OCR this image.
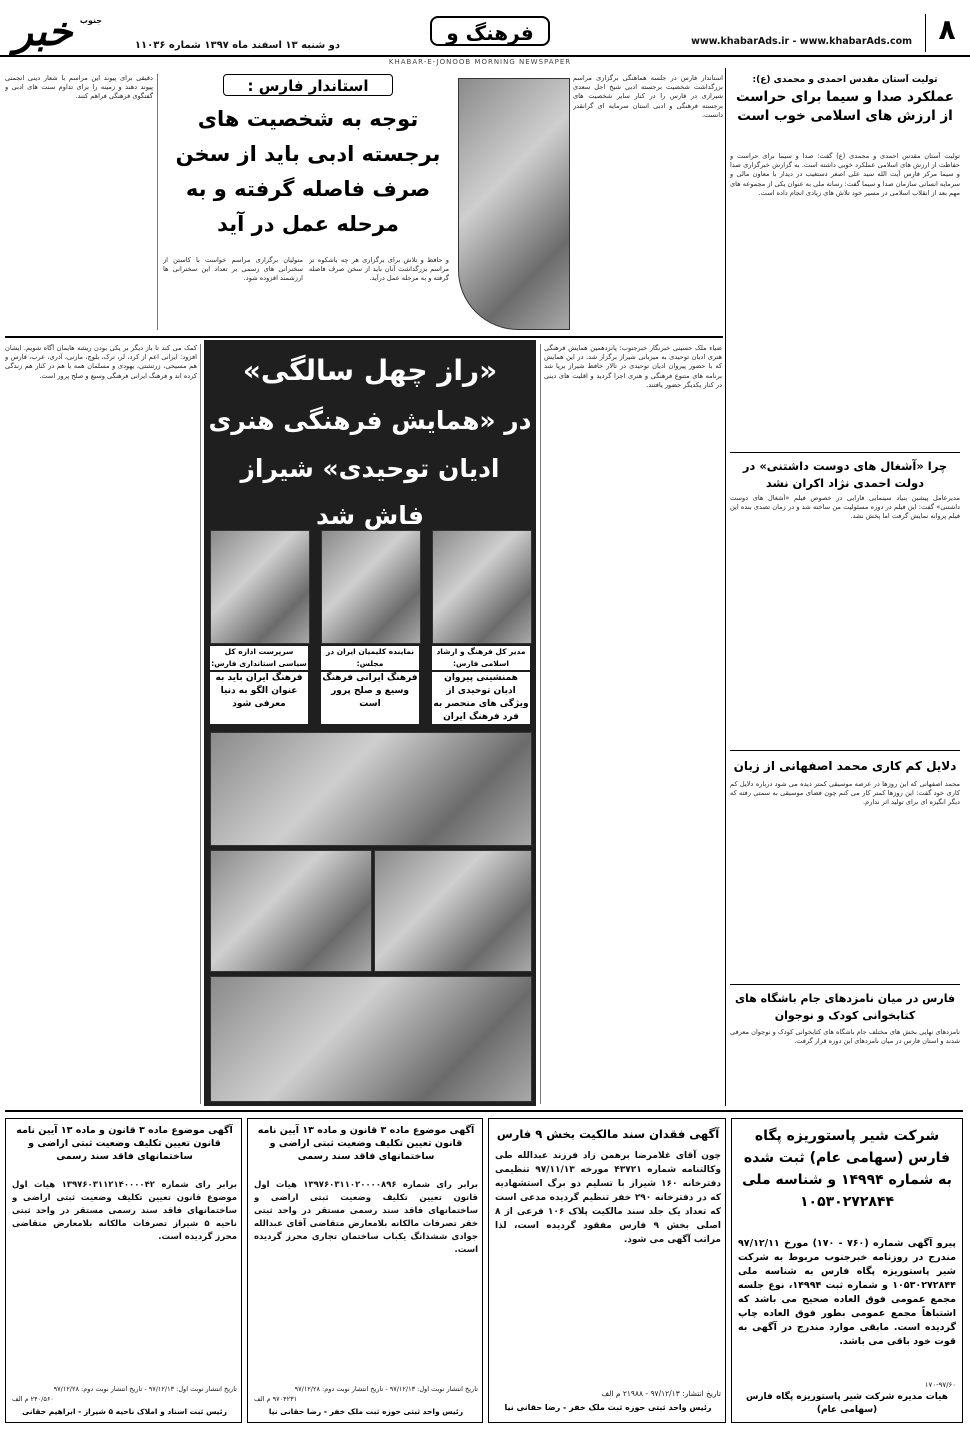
۸
www.khabarAds.ir - www.khabarAds.com
فرهنگ و
دو شنبه ۱۳ اسفند ماه ۱۳۹۷ شماره ۱۱۰۳۶
خبر جنوب
KHABAR-E-JONOOB MORNING NEWSPAPER
دقیقی برای پیوند این مراسم با شعار دینی انجمنی پیوند دهند و زمینه را برای تداوم سنت های ادبی و گفتگوی فرهنگی فراهم کنند.
استاندار فارس :
توجه به شخصیت های برجسته ادبی باید از سخن صرف فاصله گرفته و به مرحله عمل در آید
متولیان برگزاری مراسم خواست با کاستن از سخنرانی های رسمی بر تعداد این سخنرانی ها ارزشمند افزوده شود.
و حافظ و تلاش برای برگزاری هر چه باشکوه تر مراسم بزرگداشت آنان باید از سخن صرف فاصله گرفته و به مرحله عمل درآید.
استاندار فارس در جلسه هماهنگی برگزاری مراسم بزرگداشت شخصیت برجسته ادبی شیخ اجل سعدی شیرازی در فارس را در کنار سایر شخصیت های برجسته فرهنگی و ادبی استان سرمایه ای گرانقدر دانست.
تولیت آستان مقدس احمدی و محمدی (ع):
عملکرد صدا و سیما برای حراست از ارزش های اسلامی خوب است
تولیت آستان مقدس احمدی و محمدی (ع) گفت: صدا و سیما برای حراست و حفاظت از ارزش های اسلامی عملکرد خوبی داشته است. به گزارش خبرگزاری صدا و سیما مرکز فارس آیت الله سید علی اصغر دستغیب در دیدار با معاون مالی و سرمایه انسانی سازمان صدا و سیما گفت: رسانه ملی به عنوان یکی از مجموعه های مهم بعد از انقلاب اسلامی در مسیر خود تلاش های زیادی انجام داده است.
چرا «آشغال های دوست داشتنی» در دولت احمدی نژاد اکران نشد
مدیرعامل پیشین بنیاد سینمایی فارابی در خصوص فیلم «آشغال های دوست داشتنی» گفت: این فیلم در دوره مسئولیت من ساخته شد و در زمان تصدی بنده این فیلم پروانه نمایش گرفت اما پخش نشد.
دلایل کم کاری محمد اصفهانی از زبان
محمد اصفهانی که این روزها در عرصه موسیقی کمتر دیده می شود درباره دلایل کم کاری خود گفت: این روزها کمتر کار می کنم چون فضای موسیقی به سمتی رفته که دیگر انگیزه ای برای تولید اثر ندارم.
فارس در میان نامزدهای جام باشگاه های کتابخوانی کودک و نوجوان
نامزدهای نهایی بخش های مختلف جام باشگاه های کتابخوانی کودک و نوجوان معرفی شدند و استان فارس در میان نامزدهای این دوره قرار گرفت.
کمک می کند تا باز دیگر بر یکی بودن ریشه هایمان آگاه شویم. ایشان افزود: ایرانی اعم از کرد، لر، ترک، بلوچ، مازنی، آذری، عرب، فارس و هم مسیحی، زرتشتی، یهودی و مسلمان همه با هم در کنار هم زندگی کرده اند و فرهنگ ایرانی فرهنگی وسیع و صلح پرور است.	«راز چهل سالگی»
در «همایش فرهنگی هنری
ادیان توحیدی» شیراز
فاش شد
سرپرست اداره کل سیاسی استانداری فارس:
فرهنگ ایران باید به عنوان الگو به دنیا معرفی شود
نماینده کلیمیان ایران در مجلس:
فرهنگ ایرانی فرهنگ وسیع و صلح پرور است
مدیر کل فرهنگ و ارشاد اسلامی فارس:
همنشینی پیروان ادیان توحیدی از ویژگی های منحصر به فرد فرهنگ ایران
ضیاء ملک حسینی خبرنگار خبرجنوب: پانزدهمین همایش فرهنگی هنری ادیان توحیدی به میزبانی شیراز برگزار شد. در این همایش که با حضور پیروان ادیان توحیدی در تالار حافظ شیراز برپا شد برنامه های متنوع فرهنگی و هنری اجرا گردید و اقلیت های دینی در کنار یکدیگر حضور یافتند.
شرکت شیر پاستوریزه پگاه فارس (سهامی عام) ثبت شده به شماره ۱۴۹۹۴ و شناسه ملی ۱۰۵۳۰۲۷۲۸۴۴
پیرو آگهی شماره (۷۶۰ - ۱۷۰) مورخ ۹۷/۱۲/۱۱ مندرج در روزنامه خبرجنوب مربوط به شرکت شیر پاستوریزه پگاه فارس به شناسه ملی ۱۰۵۳۰۲۷۲۸۴۴ و شماره ثبت ۱۴۹۹۴، نوع جلسه مجمع عمومی فوق العاده صحیح می باشد که اشتباهاً مجمع عمومی بطور فوق العاده چاپ گردیده است. مابقی موارد مندرج در آگهی به قوت خود باقی می باشد.
۱۷۰-۹۷/۶۰
هیات مدیره شرکت شیر پاستوریزه پگاه فارس (سهامی عام)
آگهی فقدان سند مالکیت بخش ۹ فارس
چون آقای غلامرضا برهمن زاد فرزند عبدالله طی وکالتنامه شماره ۴۳۷۲۱ مورخه ۹۷/۱۱/۱۳ تنظیمی دفترخانه ۱۶۰ شیراز با تسلیم دو برگ استشهادیه که در دفترخانه ۲۹۰ خفر تنظیم گردیده مدعی است که تعداد یک جلد سند مالکیت پلاک ۱۰۶ فرعی از ۸ اصلی بخش ۹ فارس مفقود گردیده است، لذا مراتب آگهی می شود.
تاریخ انتشار: ۹۷/۱۲/۱۳ - ۲۱۹۸۸ م الف
رئیس واحد ثبتی حوزه ثبت ملک خفر - رضا حقانی نیا
آگهی موضوع ماده ۳ قانون و ماده ۱۳ آیین نامه قانون تعیین تکلیف وضعیت ثبتی اراضی و ساختمانهای فاقد سند رسمی
برابر رای شماره ۱۳۹۷۶۰۳۱۱۰۲۰۰۰۰۸۹۶ هیات اول قانون تعیین تکلیف وضعیت ثبتی اراضی و ساختمانهای فاقد سند رسمی مستقر در واحد ثبتی خفر تصرفات مالکانه بلامعارض متقاضی آقای عبدالله جوادی ششدانگ یکباب ساختمان تجاری محرز گردیده است.
تاریخ انتشار نوبت اول: ۹۷/۱۲/۱۳ - تاریخ انتشار نوبت دوم: ۹۷/۱۲/۲۸
۹۷۰۴۲۳۱ م الف
رئیس واحد ثبتی حوزه ثبت ملک خفر - رضا حقانی نیا
آگهی موضوع ماده ۳ قانون و ماده ۱۳ آیین نامه قانون تعیین تکلیف وضعیت ثبتی اراضی و ساختمانهای فاقد سند رسمی
برابر رای شماره ۱۳۹۷۶۰۳۱۱۲۱۴۰۰۰۰۴۲ هیات اول موضوع قانون تعیین تکلیف وضعیت ثبتی اراضی و ساختمانهای فاقد سند رسمی مستقر در واحد ثبتی ناحیه ۵ شیراز تصرفات مالکانه بلامعارض متقاضی محرز گردیده است.
تاریخ انتشار نوبت اول: ۹۷/۱۲/۱۳ - تاریخ انتشار نوبت دوم: ۹۷/۱۲/۲۸
۲۴۰/۵۶۰ م الف
رئیس ثبت اسناد و املاک ناحیه ۵ شیراز - ابراهیم حقانی
